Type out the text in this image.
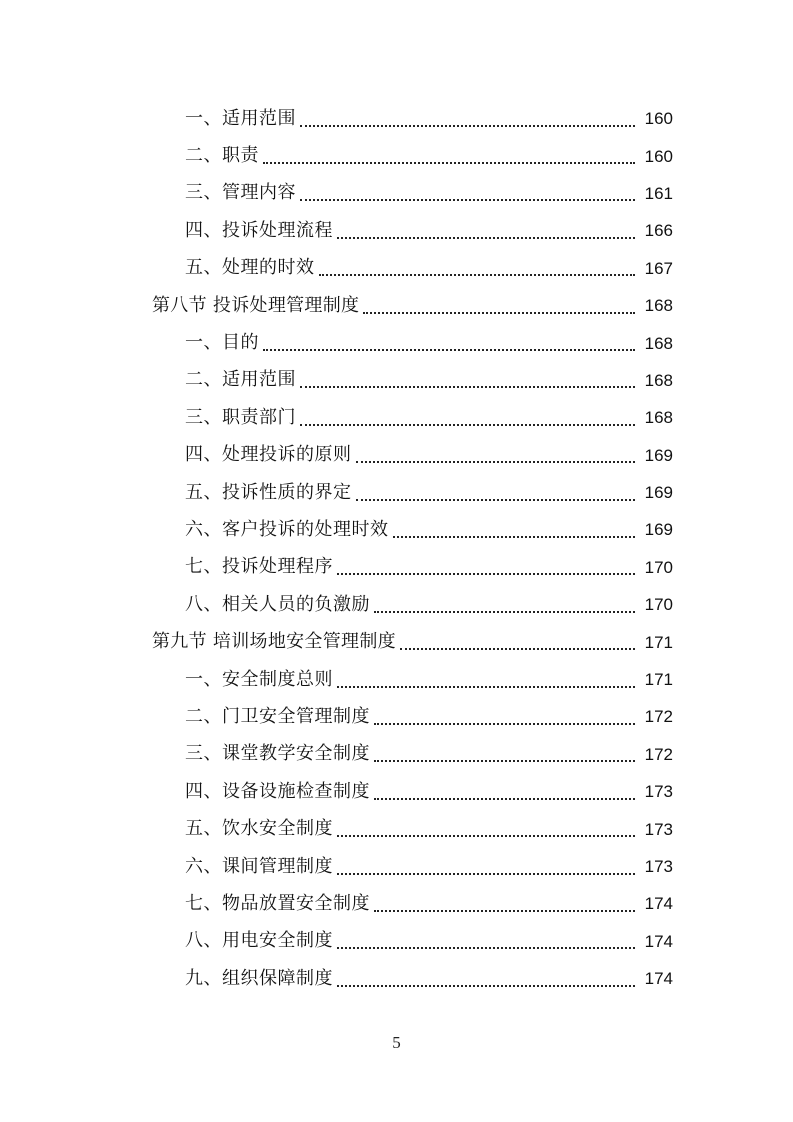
一、适用范围	160
二、职责	160
三、管理内容	161
四、投诉处理流程	166
五、处理的时效	167
第八节 投诉处理管理制度	168
一、目的	168
二、适用范围	168
三、职责部门	168
四、处理投诉的原则	169
五、投诉性质的界定	169
六、客户投诉的处理时效	169
七、投诉处理程序	170
八、相关人员的负激励	170
第九节 培训场地安全管理制度	171
一、安全制度总则	171
二、门卫安全管理制度	172
三、课堂教学安全制度	172
四、设备设施检查制度	173
五、饮水安全制度	173
六、课间管理制度	173
七、物品放置安全制度	174
八、用电安全制度	174
九、组织保障制度	174
5
